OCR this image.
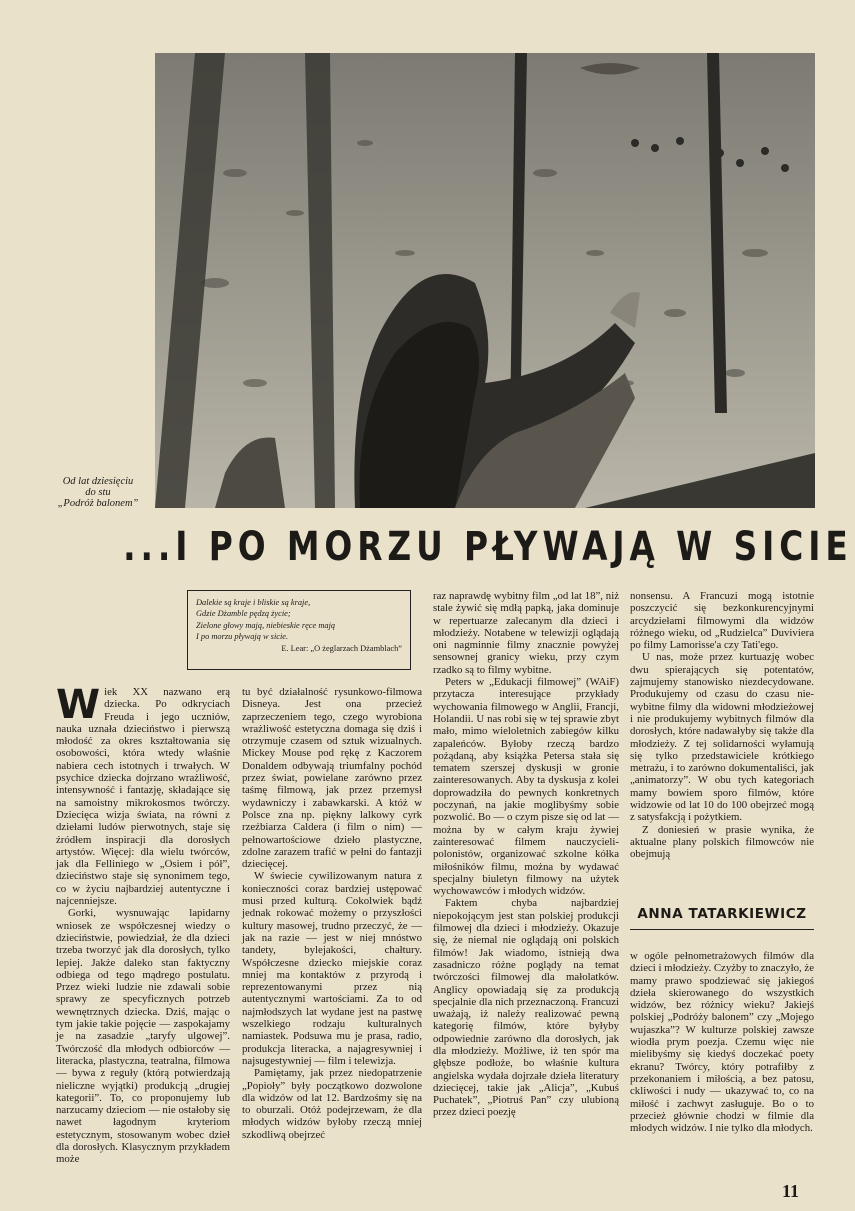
Od lat dziesięciu
do stu
„Podróż balonem”
...I PO MORZU PŁYWAJĄ W SICIE
Dalekie są kraje i bliskie są kraje,
Gdzie Dżamble pędzą życie;
Zielone głowy mają, niebieskie ręce mają
I po morzu pływają w sicie.
E. Lear: „O żeglarzach Dżamblach”
W iek XX nazwano erą dziecka. Po odkryciach Freuda i jego uczniów, nauka uznała dzieciństwo i pierwszą młodość za okres kształtowania się osobowości, która wtedy właśnie nabiera cech istotnych i trwałych. W psychice dziecka dojrzano wrażliwość, intensywność i fantazję, składające się na samoistny mikrokosmos twórczy. Dziecięca wizja świata, na równi z dziełami ludów pierwotnych, staje się źródłem inspiracji dla dorosłych artystów. Więcej: dla wielu twórców, jak dla Felliniego w „Osiem i pół”, dzieciństwo staje się synonimem tego, co w życiu najbardziej autentyczne i najcenniejsze.

Gorki, wysnuwając lapidarny wniosek ze współczesnej wiedzy o dzieciństwie, powiedział, że dla dzieci trzeba tworzyć jak dla dorosłych, tylko lepiej. Jakże daleko stan faktyczny odbiega od tego mądrego postulatu. Przez wieki ludzie nie zdawali sobie sprawy ze specyficznych potrzeb wewnętrznych dziecka. Dziś, mając o tym jakie takie pojęcie — zaspokajamy je na zasadzie „taryfy ulgowej”. Twórczość dla młodych odbiorców — literacka, plastyczna, teatralna, filmowa — bywa z reguły (którą potwierdzają nieliczne wyjątki) produkcją „drugiej kategorii”. To, co proponujemy lub narzucamy dzieciom — nie ostałoby się nawet łagodnym kryteriom estetycznym, stosowanym wobec dzieł dla dorosłych. Klasycznym przykładem może

tu być działalność rysunkowo-filmowa Disneya. Jest ona przecież zaprzeczeniem tego, czego wyrobiona wrażliwość estetyczna domaga się dziś i otrzymuje czasem od sztuk wizualnych. Mickey Mouse pod rękę z Kaczorem Donaldem odbywają triumfalny pochód przez świat, powielane zarówno przez taśmę filmową, jak przez przemysł wydawniczy i zabawkarski. A któż w Polsce zna np. piękny lalkowy cyrk rzeźbiarza Caldera (i film o nim) — pełnowartościowe dzieło plastyczne, zdolne zarazem trafić w pełni do fantazji dziecięcej.

W świecie cywilizowanym natura z konieczności coraz bardziej ustępować musi przed kulturą. Cokolwiek bądź jednak rokować możemy o przyszłości kultury masowej, trudno przeczyć, że — jak na razie — jest w niej mnóstwo tandety, bylejakości, chałtury. Współczesne dziecko miejskie coraz mniej ma kontaktów z przyrodą i reprezentowanymi przez nią autentycznymi wartościami. Za to od najmłodszych lat wydane jest na pastwę wszelkiego rodzaju kulturalnych namiastek. Podsuwa mu je prasa, radio, produkcja literacka, a najagresywniej i najsugestywniej — film i telewizja.

Pamiętamy, jak przez niedopatrzenie „Popioły” były początkowo dozwolone dla widzów od lat 12. Bardzośmy się na to oburzali. Otóż podejrzewam, że dla młodych widzów byłoby rzeczą mniej szkodliwą obejrzeć

raz naprawdę wybitny film „od lat 18”, niż stale żywić się mdłą papką, jaka dominuje w repertuarze zalecanym dla dzieci i młodzieży. Notabene w telewizji oglądają oni nagminnie filmy znacznie powyżej sensownej granicy wieku, przy czym rzadko są to filmy wybitne.

Peters w „Edukacji filmowej” (WAiF) przytacza interesujące przykłady wychowania filmowego w Anglii, Francji, Holandii. U nas robi się w tej sprawie zbyt mało, mimo wieloletnich zabiegów kilku zapaleńców. Byłoby rzeczą bardzo pożądaną, aby książka Petersa stała się tematem szerszej dyskusji w gronie zainteresowanych. Aby ta dyskusja z kolei doprowadziła do pewnych konkretnych poczynań, na jakie moglibyśmy sobie pozwolić. Bo — o czym pisze się od lat — można by w całym kraju żywiej zainteresować filmem nauczycieli-polonistów, organizować szkolne kółka miłośników filmu, można by wydawać specjalny biuletyn filmowy na użytek wychowawców i młodych widzów.

Faktem chyba najbardziej niepokojącym jest stan polskiej produkcji filmowej dla dzieci i młodzieży. Okazuje się, że niemal nie oglądają oni polskich filmów! Jak wiadomo, istnieją dwa zasadniczo różne poglądy na temat twórczości filmowej dla małolatków. Anglicy opowiadają się za produkcją specjalnie dla nich przeznaczoną. Francuzi uważają, iż należy realizować pewną kategorię filmów, które byłyby odpowiednie zarówno dla dorosłych, jak dla młodzieży. Możliwe, iż ten spór ma głębsze podłoże, bo właśnie kultura angielska wydała dojrzałe dzieła literatury dziecięcej, takie jak „Alicja”, „Kubuś Puchatek”, „Piotruś Pan” czy ulubioną przez dzieci poezję

nonsensu. A Francuzi mogą istotnie poszczycić się bezkonkurencyjnymi arcydziełami filmowymi dla widzów różnego wieku, od „Rudzielca” Duviviera po filmy Lamorisse'a czy Tati'ego.

U nas, może przez kurtuazję wobec dwu spierających się potentatów, zajmujemy stanowisko niezdecydowane. Produkujemy od czasu do czasu nie-wybitne filmy dla widowni młodzieżowej i nie produkujemy wybitnych filmów dla dorosłych, które nadawałyby się także dla młodzieży. Z tej solidarności wyłamują się tylko przedstawiciele krótkiego metrażu, i to zarówno dokumentaliści, jak „animatorzy”. W obu tych kategoriach mamy bowiem sporo filmów, które widzowie od lat 10 do 100 obejrzeć mogą z satysfakcją i pożytkiem.

Z doniesień w prasie wynika, że aktualne plany polskich filmowców nie obejmują

ANNA TATARKIEWICZ

w ogóle pełnometrażowych filmów dla dzieci i młodzieży. Czyżby to znaczyło, że mamy prawo spodziewać się jakiegoś dzieła skierowanego do wszystkich widzów, bez różnicy wieku? Jakiejś polskiej „Podróży balonem” czy „Mojego wujaszka”? W kulturze polskiej zawsze wiodła prym poezja. Czemu więc nie mielibyśmy się kiedyś doczekać poety ekranu? Twórcy, który potrafiłby z przekonaniem i miłością, a bez patosu, ckliwości i nudy — ukazywać to, co na miłość i zachwyt zasługuje. Bo o to przecież głównie chodzi w filmie dla młodych widzów. I nie tylko dla młodych.

11
